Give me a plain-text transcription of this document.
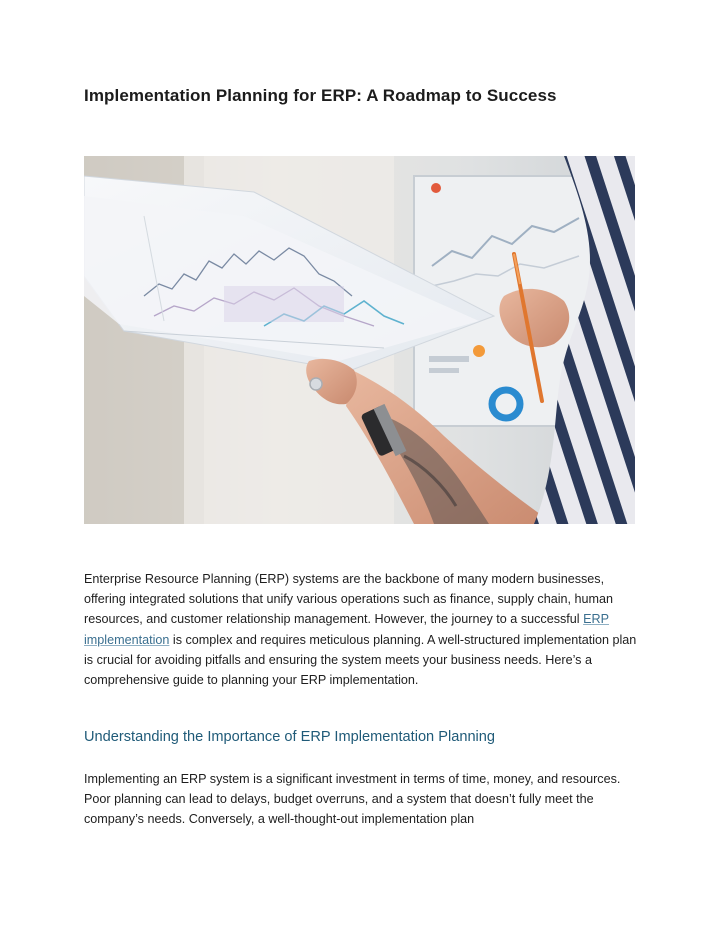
Implementation Planning for ERP: A Roadmap to Success

Enterprise Resource Planning (ERP) systems are the backbone of many modern businesses, offering integrated solutions that unify various operations such as finance, supply chain, human resources, and customer relationship management. However, the journey to a successful ERP implementation is complex and requires meticulous planning. A well-structured implementation plan is crucial for avoiding pitfalls and ensuring the system meets your business needs. Here’s a comprehensive guide to planning your ERP implementation.

Understanding the Importance of ERP Implementation Planning

Implementing an ERP system is a significant investment in terms of time, money, and resources. Poor planning can lead to delays, budget overruns, and a system that doesn’t fully meet the company’s needs. Conversely, a well-thought-out implementation plan
